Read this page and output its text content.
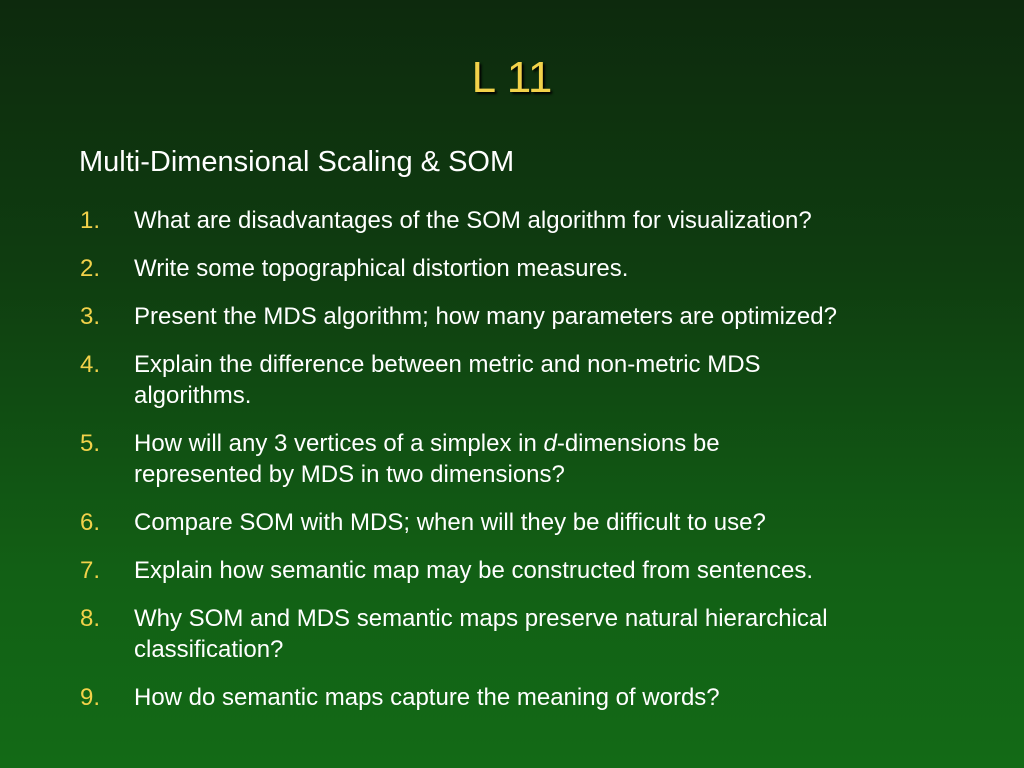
L 11
Multi-Dimensional Scaling & SOM
1.	What are disadvantages of the SOM algorithm for visualization?
2.	Write some topographical distortion measures.
3.	Present the MDS algorithm; how many parameters are optimized?
4.	Explain the difference between metric and non-metric MDS
algorithms.
5.	How will any 3 vertices of a simplex in d-dimensions be
represented by MDS in two dimensions?
6.	Compare SOM with MDS; when will they be difficult to use?
7.	Explain how semantic map may be constructed from sentences.
8.	Why SOM and MDS semantic maps preserve natural hierarchical
classification?
9.	How do semantic maps capture the meaning of words?
